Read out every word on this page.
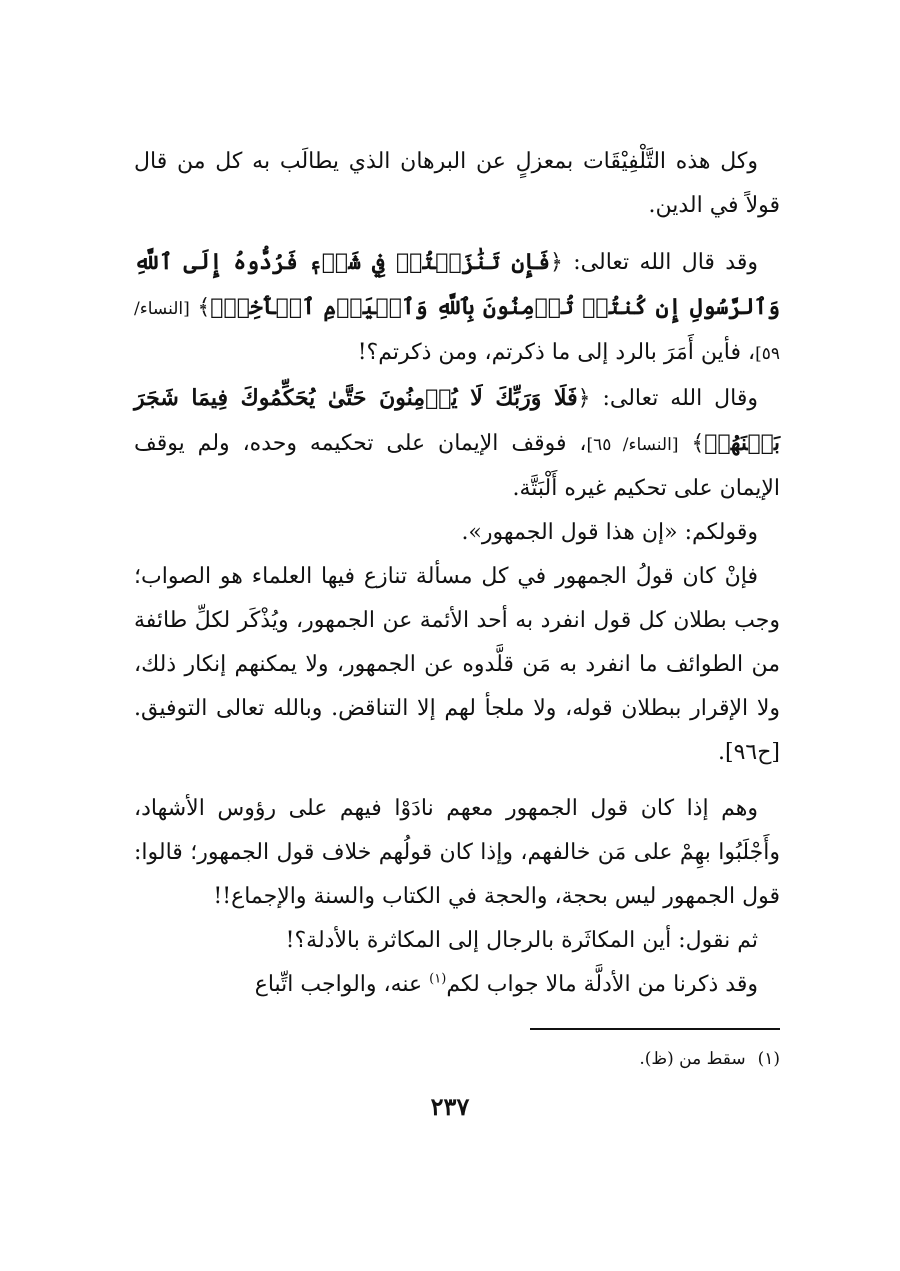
وكل هذه التَّلْفِيْقَات بمعزلٍ عن البرهان الذي يطالَب به كل من قال قولاً في الدين.

وقد قال الله تعالى: ﴿فَإِن تَنَٰزَعۡتُمۡ فِي شَيۡءٖ فَرُدُّوهُ إِلَى ٱللَّهِ وَٱلرَّسُولِ إِن كُنتُمۡ تُؤۡمِنُونَ بِٱللَّهِ وَٱلۡيَوۡمِ ٱلۡأٓخِرِۚ﴾ [النساء/ ٥٩]، فأين أَمَرَ بالرد إلى ما ذكرتم، ومن ذكرتم؟!

وقال الله تعالى: ﴿فَلَا وَرَبِّكَ لَا يُؤۡمِنُونَ حَتَّىٰ يُحَكِّمُوكَ فِيمَا شَجَرَ بَيۡنَهُمۡ﴾ [النساء/ ٦٥]، فوقف الإيمان على تحكيمه وحده، ولم يوقف الإيمان على تحكيم غيره أَلْبَتَّة.

وقولكم: «إن هذا قول الجمهور».

فإنْ كان قولُ الجمهور في كل مسألة تنازع فيها العلماء هو الصواب؛ وجب بطلان كل قول انفرد به أحد الأئمة عن الجمهور، ويُذْكَر لكلِّ طائفة من الطوائف ما انفرد به مَن قلَّدوه عن الجمهور، ولا يمكنهم إنكار ذلك، ولا الإقرار ببطلان قوله، ولا ملجأ لهم إلا التناقض. وبالله تعالى التوفيق. [ح٩٦].

وهم إذا كان قول الجمهور معهم نادَوْا فيهم على رؤوس الأشهاد، وأَجْلَبُوا بهِمْ على مَن خالفهم، وإذا كان قولُهم خلاف قول الجمهور؛ قالوا: قول الجمهور ليس بحجة، والحجة في الكتاب والسنة والإجماع!!

ثم نقول: أين المكاثَرة بالرجال إلى المكاثرة بالأدلة؟!

وقد ذكرنا من الأدلَّة مالا جواب لكم$^{(١)}$ عنه، والواجب اتِّباع

(١)سقط من (ظ).
٢٣٧
